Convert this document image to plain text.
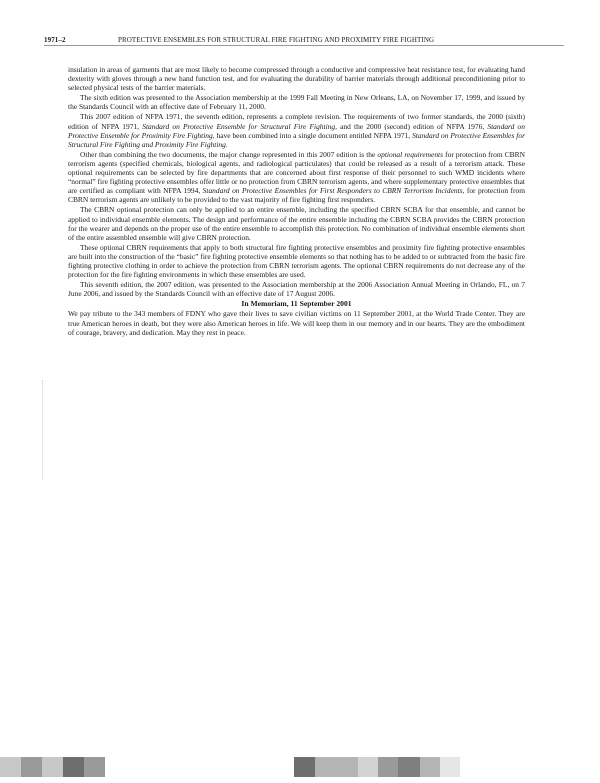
1971–2	PROTECTIVE ENSEMBLES FOR STRUCTURAL FIRE FIGHTING AND PROXIMITY FIRE FIGHTING

insulation in areas of garments that are most likely to become compressed through a conductive and compressive heat resistance test, for evaluating hand dexterity with gloves through a new hand function test, and for evaluating the durability of barrier materials through additional preconditioning prior to selected physical tests of the barrier materials.

The sixth edition was presented to the Association membership at the 1999 Fall Meeting in New Orleans, LA, on November 17, 1999, and issued by the Standards Council with an effective date of February 11, 2000.

This 2007 edition of NFPA 1971, the seventh edition, represents a complete revision. The requirements of two former standards, the 2000 (sixth) edition of NFPA 1971, Standard on Protective Ensemble for Structural Fire Fighting, and the 2000 (second) edition of NFPA 1976, Standard on Protective Ensemble for Proximity Fire Fighting, have been combined into a single document entitled NFPA 1971, Standard on Protective Ensembles for Structural Fire Fighting and Proximity Fire Fighting.

Other than combining the two documents, the major change represented in this 2007 edition is the optional requirements for protection from CBRN terrorism agents (specified chemicals, biological agents, and radiological particulates) that could be released as a result of a terrorism attack. These optional requirements can be selected by fire departments that are concerned about first response of their personnel to such WMD incidents where “normal” fire fighting protective ensembles offer little or no protection from CBRN terrorism agents, and where supplementary protective ensembles that are certified as compliant with NFPA 1994, Standard on Protective Ensembles for First Responders to CBRN Terrorism Incidents, for protection from CBRN terrorism agents are unlikely to be provided to the vast majority of fire fighting first responders.

The CBRN optional protection can only be applied to an entire ensemble, including the specified CBRN SCBA for that ensemble, and cannot be applied to individual ensemble elements. The design and performance of the entire ensemble including the CBRN SCBA provides the CBRN protection for the wearer and depends on the proper use of the entire ensemble to accomplish this protection. No combination of individual ensemble elements short of the entire assembled ensemble will give CBRN protection.

These optional CBRN requirements that apply to both structural fire fighting protective ensembles and proximity fire fighting protective ensembles are built into the construction of the “basic” fire fighting protective ensemble elements so that nothing has to be added to or subtracted from the basic fire fighting protective clothing in order to achieve the protection from CBRN terrorism agents. The optional CBRN requirements do not decrease any of the protection for the fire fighting environments in which these ensembles are used.

This seventh edition, the 2007 edition, was presented to the Association membership at the 2006 Association Annual Meeting in Orlando, FL, on 7 June 2006, and issued by the Standards Council with an effective date of 17 August 2006.

In Memoriam, 11 September 2001

We pay tribute to the 343 members of FDNY who gave their lives to save civilian victims on 11 September 2001, at the World Trade Center. They are true American heroes in death, but they were also American heroes in life. We will keep them in our memory and in our hearts. They are the embodiment of courage, bravery, and dedication. May they rest in peace.
